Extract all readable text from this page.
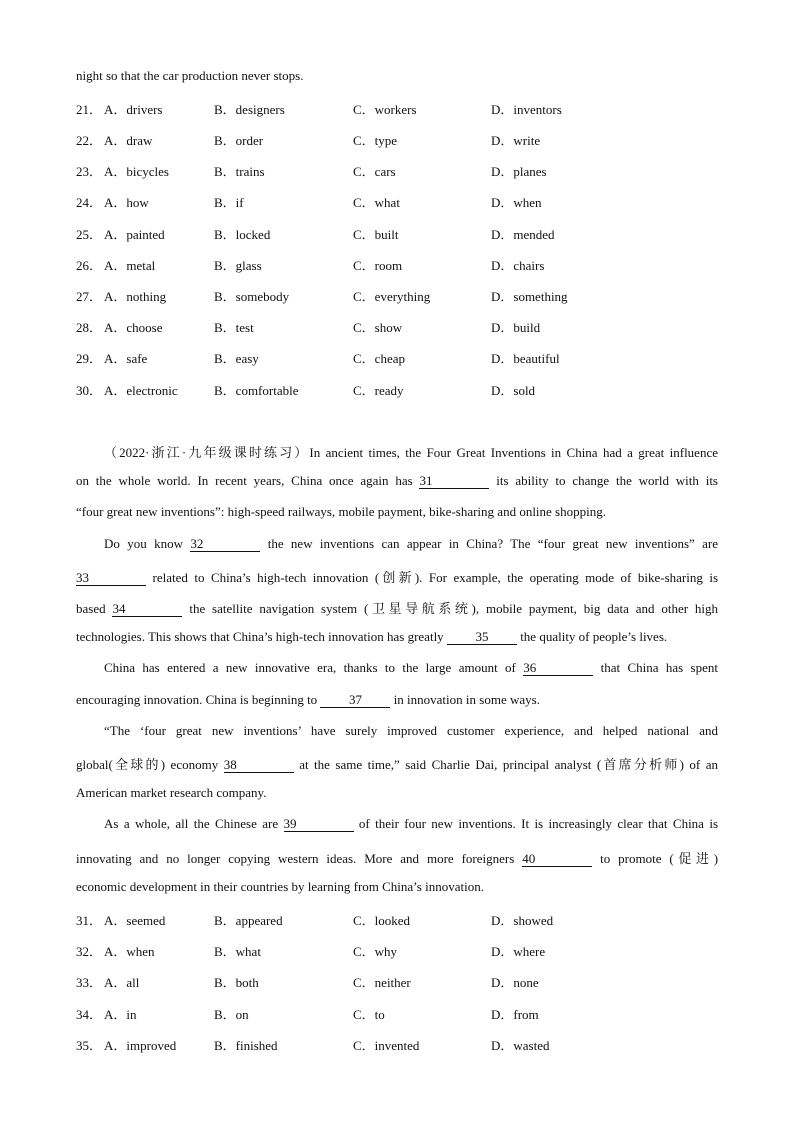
night so that the car production never stops.
21． A．drivers	B．designers	C．workers	D．inventors
22． A．draw	B．order	C．type	D．write
23． A．bicycles	B．trains	C．cars	D．planes
24． A．how	B．if	C．what	D．when
25． A．painted	B．locked	C．built	D．mended
26． A．metal	B．glass	C．room	D．chairs
27． A．nothing	B．somebody	C．everything	D．something
28． A．choose	B．test	C．show	D．build
29． A．safe	B．easy	C．cheap	D．beautiful
30． A．electronic	B．comfortable	C．ready	D．sold
（2022·浙江·九年级课时练习）In ancient times, the Four Great Inventions in China had a great influence
on the whole world. In recent years, China once again has 31	its ability to change the world with its
“four great new inventions”: high-speed railways, mobile payment, bike-sharing and online shopping.
Do you know 32	the new inventions can appear in China? The “four great new inventions” are
33	related to China’s high-tech innovation (创新). For example, the operating mode of bike-sharing is
based 34	the satellite navigation system (卫星导航系统), mobile payment, big data and other high
technologies. This shows that China’s high-tech innovation has greatly 35 the quality of people’s lives.
China has entered a new innovative era, thanks to the large amount of 36	that China has spent
encouraging innovation. China is beginning to 37 in innovation in some ways.
“The ‘four great new inventions’ have surely improved customer experience, and helped national and
global(全球的) economy 38	at the same time,” said Charlie Dai, principal analyst (首席分析师) of an
American market research company.
As a whole, all the Chinese are 39	of their four new inventions. It is increasingly clear that China is
innovating and no longer copying western ideas. More and more foreigners 40	to promote (促进)
economic development in their countries by learning from China’s innovation.
31． A．seemed	B．appeared	C．looked	D．showed
32． A．when	B．what	C．why	D．where
33． A．all	B．both	C．neither	D．none
34． A．in	B．on	C．to	D．from
35． A．improved	B．finished	C．invented	D．wasted
